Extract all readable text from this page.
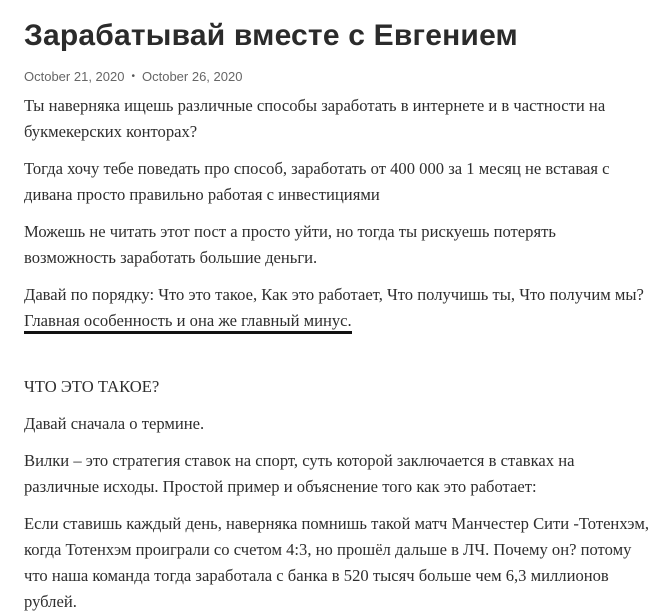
Зарабатывай вместе с Евгением
October 21, 2020 • October 26, 2020

Ты наверняка ищешь различные способы заработать в интернете и в частности на букмекерских конторах?

Тогда хочу тебе поведать про способ, заработать от 400 000 за 1 месяц не вставая с дивана просто правильно работая с инвестициями

Можешь не читать этот пост а просто уйти, но тогда ты рискуешь потерять возможность заработать большие деньги.

Давай по порядку: Что это такое, Как это работает, Что получишь ты, Что получим мы? Главная особенность и она же главный минус.

ЧТО ЭТО ТАКОЕ?

Давай сначала о термине.

Вилки – это стратегия ставок на спорт, суть которой заключается в ставках на различные исходы. Простой пример и объяснение того как это работает:

Если ставишь каждый день, наверняка помнишь такой матч Манчестер Сити -Тотенхэм, когда Тотенхэм проиграли со счетом 4:3, но прошёл дальше в ЛЧ. Почему он? потому что наша команда тогда заработала с банка в 520 тысяч больше чем 6,3 миллионов рублей.
